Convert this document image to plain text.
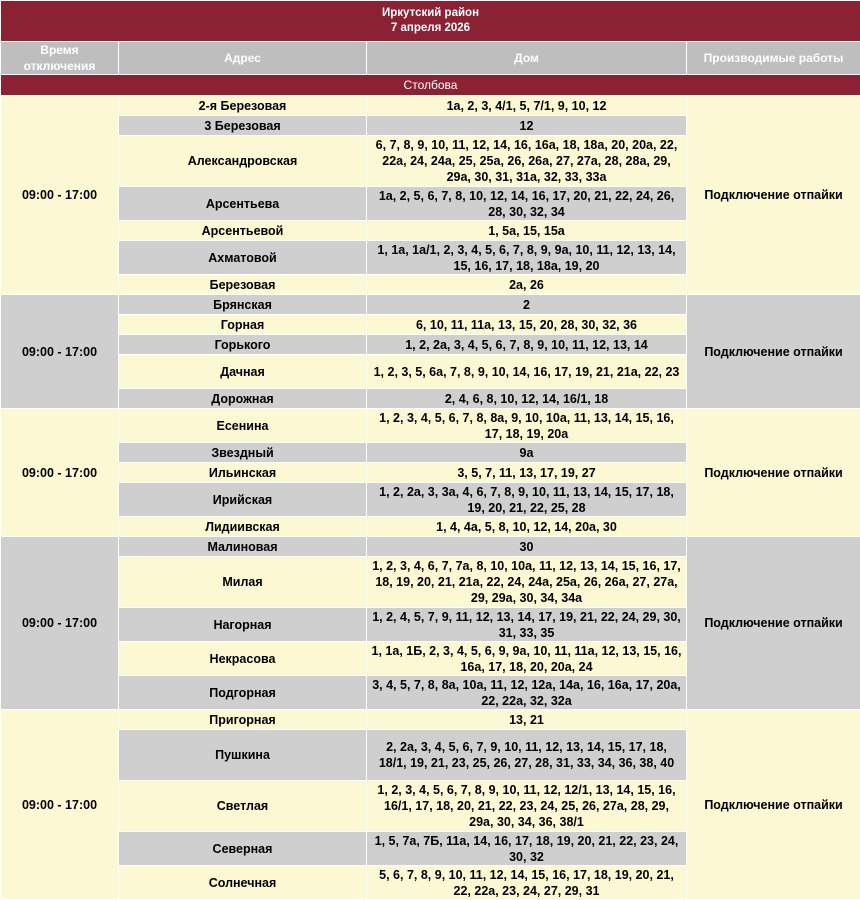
Иркутский район
7 апреля 2026			

Время отключения	Адрес	Дом	Производимые работы
Столбова			
09:00 - 17:00	2-я Березовая	1а, 2, 3, 4/1, 5, 7/1, 9, 10, 12	Подключение отпайки
	3 Березовая	12	
	Александровская	6, 7, 8, 9, 10, 11, 12, 14, 16, 16а, 18, 18а, 20, 20а, 22, 22а, 24, 24а, 25, 25а, 26, 26а, 27, 27а, 28, 28а, 29, 29а, 30, 31, 31а, 32, 33, 33а	
	Арсентьева	1а, 2, 5, 6, 7, 8, 10, 12, 14, 16, 17, 20, 21, 22, 24, 26, 28, 30, 32, 34	
	Арсентьевой	1, 5а, 15, 15а	
	Ахматовой	1, 1а, 1а/1, 2, 3, 4, 5, 6, 7, 8, 9, 9а, 10, 11, 12, 13, 14, 15, 16, 17, 18, 18а, 19, 20	
	Березовая	2а, 26	
09:00 - 17:00	Брянская	2	Подключение отпайки
	Горная	6, 10, 11, 11а, 13, 15, 20, 28, 30, 32, 36	
	Горького	1, 2, 2а, 3, 4, 5, 6, 7, 8, 9, 10, 11, 12, 13, 14	
	Дачная	1, 2, 3, 5, 6а, 7, 8, 9, 10, 14, 16, 17, 19, 21, 21а, 22, 23	
	Дорожная	2, 4, 6, 8, 10, 12, 14, 16/1, 18	
09:00 - 17:00	Есенина	1, 2, 3, 4, 5, 6, 7, 8, 8а, 9, 10, 10а, 11, 13, 14, 15, 16, 17, 18, 19, 20а	Подключение отпайки
	Звездный	9а	
	Ильинская	3, 5, 7, 11, 13, 17, 19, 27	
	Ирийская	1, 2, 2а, 3, 3а, 4, 6, 7, 8, 9, 10, 11, 13, 14, 15, 17, 18, 19, 20, 21, 22, 25, 28	
	Лидиивская	1, 4, 4а, 5, 8, 10, 12, 14, 20а, 30	
09:00 - 17:00	Малиновая	30	Подключение отпайки
	Милая	1, 2, 3, 4, 6, 7, 7а, 8, 10, 10а, 11, 12, 13, 14, 15, 16, 17, 18, 19, 20, 21, 21а, 22, 24, 24а, 25а, 26, 26а, 27, 27а, 29, 29а, 30, 34, 34а	
	Нагорная	1, 2, 4, 5, 7, 9, 11, 12, 13, 14, 17, 19, 21, 22, 24, 29, 30, 31, 33, 35	
	Некрасова	1, 1а, 1Б, 2, 3, 4, 5, 6, 9, 9а, 10, 11, 11а, 12, 13, 15, 16, 16а, 17, 18, 20, 20а, 24	
	Подгорная	3, 4, 5, 7, 8, 8а, 10а, 11, 12, 12а, 14а, 16, 16а, 17, 20а, 22, 22а, 32, 32а	
09:00 - 17:00	Пригорная	13, 21	Подключение отпайки
	Пушкина	2, 2а, 3, 4, 5, 6, 7, 9, 10, 11, 12, 13, 14, 15, 17, 18, 18/1, 19, 21, 23, 25, 26, 27, 28, 31, 33, 34, 36, 38, 40	
	Светлая	1, 2, 3, 4, 5, 6, 7, 8, 9, 10, 11, 12, 12/1, 13, 14, 15, 16, 16/1, 17, 18, 20, 21, 22, 23, 24, 25, 26, 27а, 28, 29, 29а, 30, 34, 36, 38/1	
	Северная	1, 5, 7а, 7Б, 11а, 14, 16, 17, 18, 19, 20, 21, 22, 23, 24, 30, 32	
	Солнечная	5, 6, 7, 8, 9, 10, 11, 12, 14, 15, 16, 17, 18, 19, 20, 21, 22, 22а, 23, 24, 27, 29, 31	
